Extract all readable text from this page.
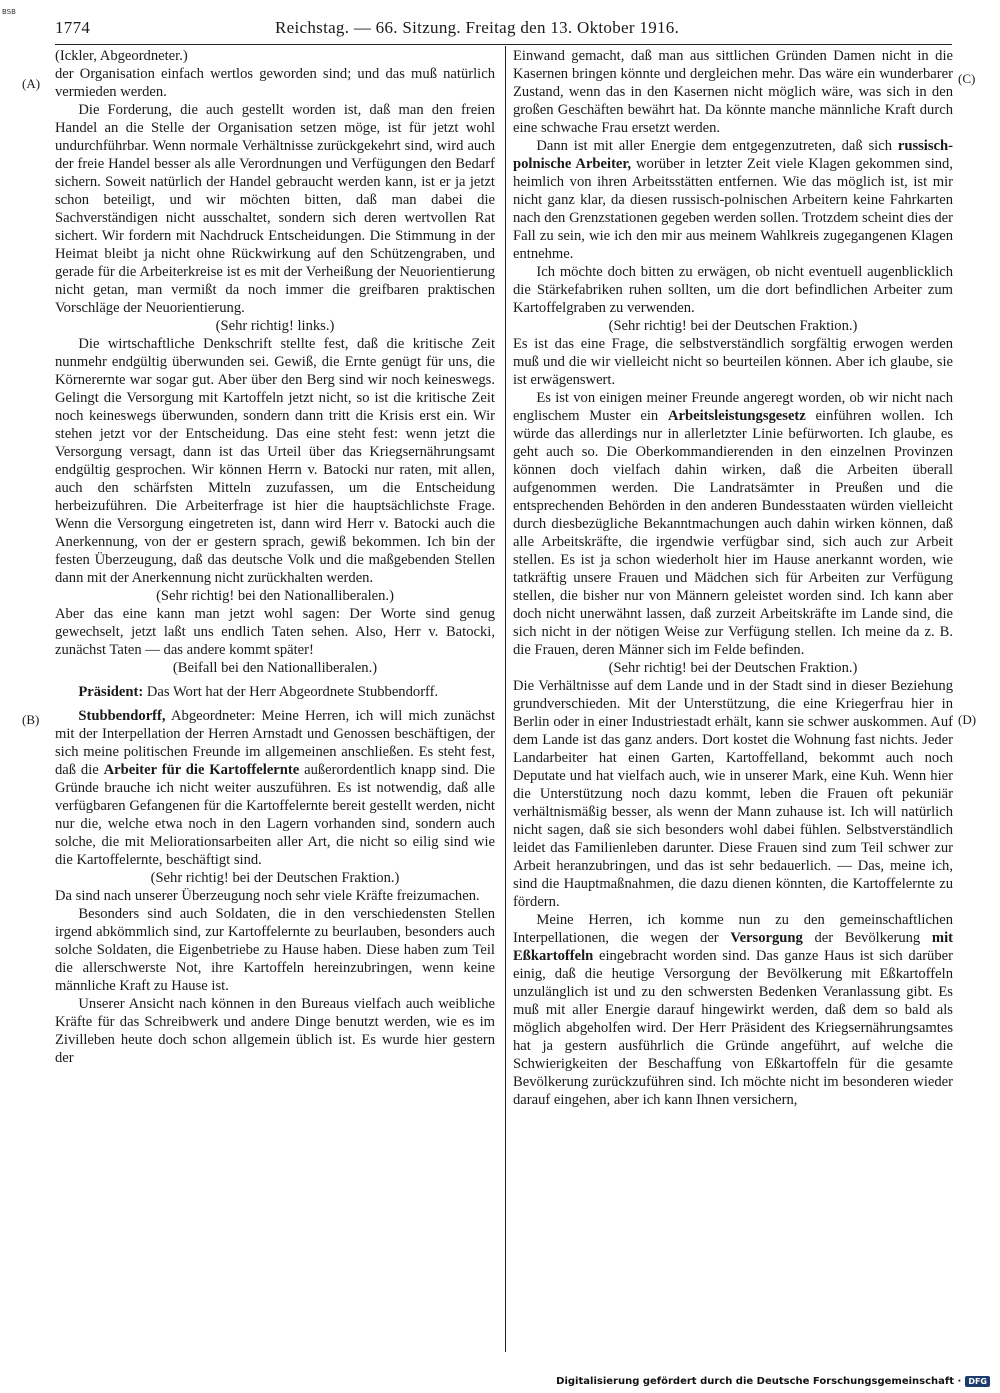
BSB
1774	Reichstag. — 66. Sitzung. Freitag den 13. Oktober 1916.
(A)
(B)
(C)
(D)

(Ickler, Abgeordneter.)

der Organisation einfach wertlos geworden sind; und das muß natürlich vermieden werden.

Die Forderung, die auch gestellt worden ist, daß man den freien Handel an die Stelle der Organisation setzen möge, ist für jetzt wohl undurchführbar. Wenn normale Verhältnisse zurückgekehrt sind, wird auch der freie Handel besser als alle Verordnungen und Verfügungen den Bedarf sichern. Soweit natürlich der Handel gebraucht werden kann, ist er ja jetzt schon beteiligt, und wir möchten bitten, daß man dabei die Sachverständigen nicht ausschaltet, sondern sich deren wertvollen Rat sichert. Wir fordern mit Nachdruck Entscheidungen. Die Stimmung in der Heimat bleibt ja nicht ohne Rückwirkung auf den Schützengraben, und gerade für die Arbeiterkreise ist es mit der Verheißung der Neuorientierung nicht getan, man vermißt da noch immer die greifbaren praktischen Vorschläge der Neuorientierung.

(Sehr richtig! links.)

Die wirtschaftliche Denkschrift stellte fest, daß die kritische Zeit nunmehr endgültig überwunden sei. Gewiß, die Ernte genügt für uns, die Körnerernte war sogar gut. Aber über den Berg sind wir noch keineswegs. Gelingt die Versorgung mit Kartoffeln jetzt nicht, so ist die kritische Zeit noch keineswegs überwunden, sondern dann tritt die Krisis erst ein. Wir stehen jetzt vor der Entscheidung. Das eine steht fest: wenn jetzt die Versorgung versagt, dann ist das Urteil über das Kriegsernährungsamt endgültig gesprochen. Wir können Herrn v. Batocki nur raten, mit allen, auch den schärfsten Mitteln zuzufassen, um die Entscheidung herbeizuführen. Die Arbeiterfrage ist hier die hauptsächlichste Frage. Wenn die Versorgung eingetreten ist, dann wird Herr v. Batocki auch die Anerkennung, von der er gestern sprach, gewiß bekommen. Ich bin der festen Überzeugung, daß das deutsche Volk und die maßgebenden Stellen dann mit der Anerkennung nicht zurückhalten werden.

(Sehr richtig! bei den Nationalliberalen.)

Aber das eine kann man jetzt wohl sagen: Der Worte sind genug gewechselt, jetzt laßt uns endlich Taten sehen. Also, Herr v. Batocki, zunächst Taten — das andere kommt später!

(Beifall bei den Nationalliberalen.)

Präsident: Das Wort hat der Herr Abgeordnete Stubbendorff.

Stubbendorff, Abgeordneter: Meine Herren, ich will mich zunächst mit der Interpellation der Herren Arnstadt und Genossen beschäftigen, der sich meine politischen Freunde im allgemeinen anschließen. Es steht fest, daß die Arbeiter für die Kartoffelernte außerordentlich knapp sind. Die Gründe brauche ich nicht weiter auszuführen. Es ist notwendig, daß alle verfügbaren Gefangenen für die Kartoffelernte bereit gestellt werden, nicht nur die, welche etwa noch in den Lagern vorhanden sind, sondern auch solche, die mit Meliorationsarbeiten aller Art, die nicht so eilig sind wie die Kartoffelernte, beschäftigt sind.

(Sehr richtig! bei der Deutschen Fraktion.)

Da sind nach unserer Überzeugung noch sehr viele Kräfte freizumachen.

Besonders sind auch Soldaten, die in den verschiedensten Stellen irgend abkömmlich sind, zur Kartoffelernte zu beurlauben, besonders auch solche Soldaten, die Eigenbetriebe zu Hause haben. Diese haben zum Teil die allerschwerste Not, ihre Kartoffeln hereinzubringen, wenn keine männliche Kraft zu Hause ist.

Unserer Ansicht nach können in den Bureaus vielfach auch weibliche Kräfte für das Schreibwerk und andere Dinge benutzt werden, wie es im Zivilleben heute doch schon allgemein üblich ist. Es wurde hier gestern der

Einwand gemacht, daß man aus sittlichen Gründen Damen nicht in die Kasernen bringen könnte und dergleichen mehr. Das wäre ein wunderbarer Zustand, wenn das in den Kasernen nicht möglich wäre, was sich in den großen Geschäften bewährt hat. Da könnte manche männliche Kraft durch eine schwache Frau ersetzt werden.

Dann ist mit aller Energie dem entgegenzutreten, daß sich russisch-polnische Arbeiter, worüber in letzter Zeit viele Klagen gekommen sind, heimlich von ihren Arbeitsstätten entfernen. Wie das möglich ist, ist mir nicht ganz klar, da diesen russisch-polnischen Arbeitern keine Fahrkarten nach den Grenzstationen gegeben werden sollen. Trotzdem scheint dies der Fall zu sein, wie ich den mir aus meinem Wahlkreis zugegangenen Klagen entnehme.

Ich möchte doch bitten zu erwägen, ob nicht eventuell augenblicklich die Stärkefabriken ruhen sollten, um die dort befindlichen Arbeiter zum Kartoffelgraben zu verwenden.

(Sehr richtig! bei der Deutschen Fraktion.)

Es ist das eine Frage, die selbstverständlich sorgfältig erwogen werden muß und die wir vielleicht nicht so beurteilen können. Aber ich glaube, sie ist erwägenswert.

Es ist von einigen meiner Freunde angeregt worden, ob wir nicht nach englischem Muster ein Arbeitsleistungsgesetz einführen wollen. Ich würde das allerdings nur in allerletzter Linie befürworten. Ich glaube, es geht auch so. Die Oberkommandierenden in den einzelnen Provinzen können doch vielfach dahin wirken, daß die Arbeiten überall aufgenommen werden. Die Landratsämter in Preußen und die entsprechenden Behörden in den anderen Bundesstaaten würden vielleicht durch diesbezügliche Bekanntmachungen auch dahin wirken können, daß alle Arbeitskräfte, die irgendwie verfügbar sind, sich auch zur Arbeit stellen. Es ist ja schon wiederholt hier im Hause anerkannt worden, wie tatkräftig unsere Frauen und Mädchen sich für Arbeiten zur Verfügung stellen, die bisher nur von Männern geleistet worden sind. Ich kann aber doch nicht unerwähnt lassen, daß zurzeit Arbeitskräfte im Lande sind, die sich nicht in der nötigen Weise zur Verfügung stellen. Ich meine da z. B. die Frauen, deren Männer sich im Felde befinden.

(Sehr richtig! bei der Deutschen Fraktion.)

Die Verhältnisse auf dem Lande und in der Stadt sind in dieser Beziehung grundverschieden. Mit der Unterstützung, die eine Kriegerfrau hier in Berlin oder in einer Industriestadt erhält, kann sie schwer auskommen. Auf dem Lande ist das ganz anders. Dort kostet die Wohnung fast nichts. Jeder Landarbeiter hat einen Garten, Kartoffelland, bekommt auch noch Deputate und hat vielfach auch, wie in unserer Mark, eine Kuh. Wenn hier die Unterstützung noch dazu kommt, leben die Frauen oft pekuniär verhältnismäßig besser, als wenn der Mann zuhause ist. Ich will natürlich nicht sagen, daß sie sich besonders wohl dabei fühlen. Selbstverständlich leidet das Familienleben darunter. Diese Frauen sind zum Teil schwer zur Arbeit heranzubringen, und das ist sehr bedauerlich. — Das, meine ich, sind die Hauptmaßnahmen, die dazu dienen könnten, die Kartoffelernte zu fördern.

Meine Herren, ich komme nun zu den gemeinschaftlichen Interpellationen, die wegen der Versorgung der Bevölkerung mit Eßkartoffeln eingebracht worden sind. Das ganze Haus ist sich darüber einig, daß die heutige Versorgung der Bevölkerung mit Eßkartoffeln unzulänglich ist und zu den schwersten Bedenken Veranlassung gibt. Es muß mit aller Energie darauf hingewirkt werden, daß dem so bald als möglich abgeholfen wird. Der Herr Präsident des Kriegsernährungsamtes hat ja gestern ausführlich die Gründe angeführt, auf welche die Schwierigkeiten der Beschaffung von Eßkartoffeln für die gesamte Bevölkerung zurückzuführen sind. Ich möchte nicht im besonderen wieder darauf eingehen, aber ich kann Ihnen versichern,

Digitalisierung gefördert durch die Deutsche Forschungsgemeinschaft · DFG
